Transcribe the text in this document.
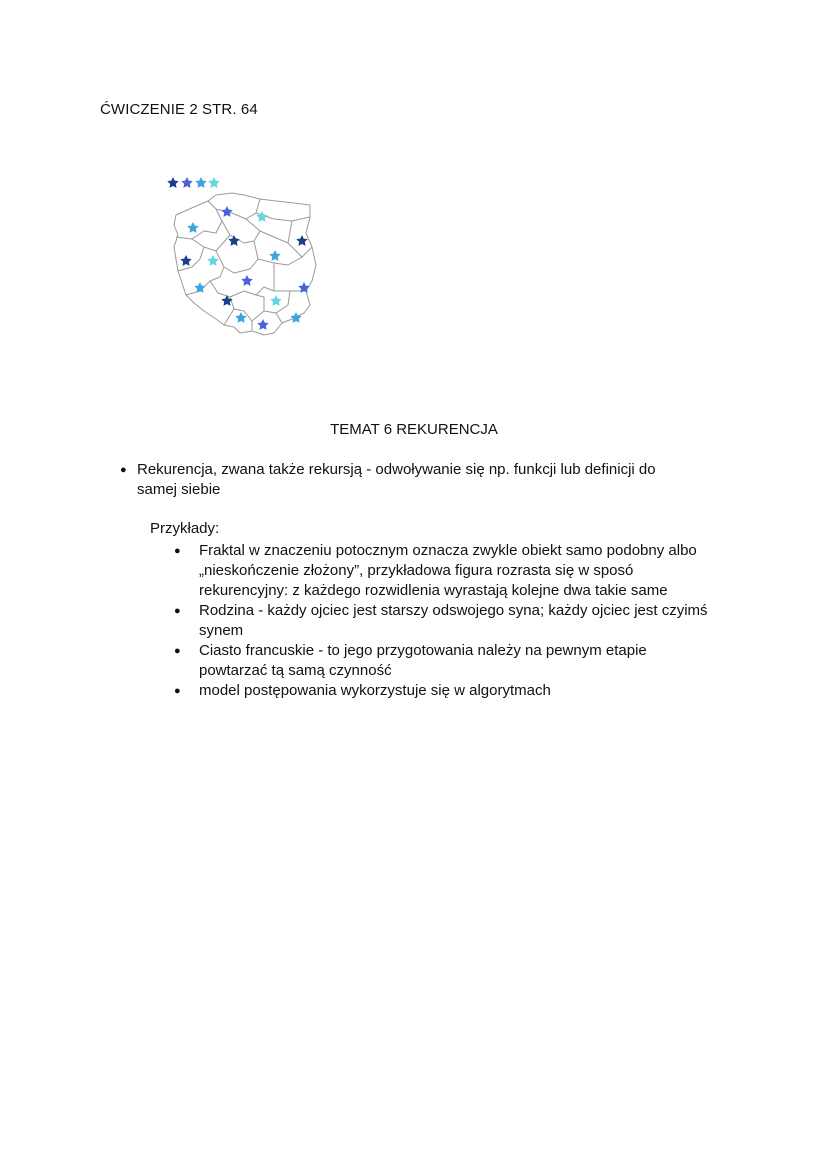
ĆWICZENIE 2 STR. 64
TEMAT 6 REKURENCJA
● Rekurencja, zwana także rekursją - odwoływanie się np. funkcji lub definicji do
samej siebie
Przykłady:
● Fraktal w znaczeniu potocznym oznacza zwykle obiekt samo podobny albo
„nieskończenie złożony”, przykładowa figura rozrasta się w sposó
rekurencyjny: z każdego rozwidlenia wyrastają kolejne dwa takie same
● Rodzina - każdy ojciec jest starszy odswojego syna; każdy ojciec jest czyimś
synem
● Ciasto francuskie - to jego przygotowania należy na pewnym etapie
powtarzać tą samą czynność
● model postępowania wykorzystuje się w algorytmach
